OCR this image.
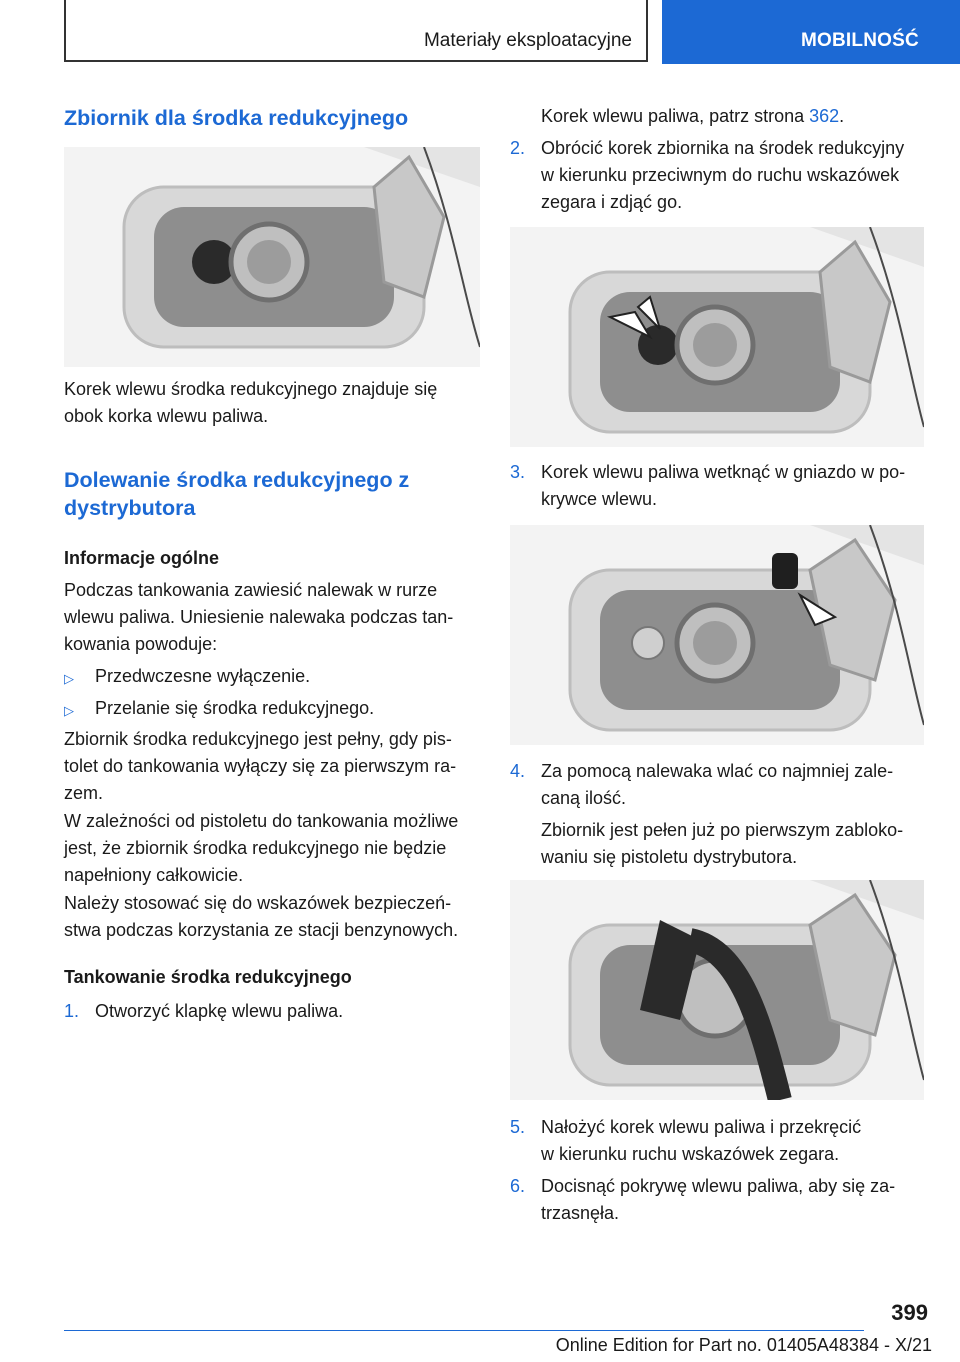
Materiały eksploatacyjne	MOBILNOŚĆ
Zbiornik dla środka redukcyjnego

Korek wlewu środka redukcyjnego znajduje się

obok korka wlewu paliwa.

Dolewanie środka redukcyjnego z
dystrybutora
Informacje ogólne

Podczas tankowania zawiesić nalewak w rurze

wlewu paliwa. Uniesienie nalewaka podczas tan‐

kowania powoduje:

▷ Przedwczesne wyłączenie.
▷ Przelanie się środka redukcyjnego.

Zbiornik środka redukcyjnego jest pełny, gdy pis‐

tolet do tankowania wyłączy się za pierwszym ra‐

zem.

W zależności od pistoletu do tankowania możliwe

jest, że zbiornik środka redukcyjnego nie będzie

napełniony całkowicie.

Należy stosować się do wskazówek bezpieczeń‐

stwa podczas korzystania ze stacji benzynowych.

Tankowanie środka redukcyjnego
1. Otworzyć klapkę wlewu paliwa.

Korek wlewu paliwa, patrz strona 362.

2. Obrócić korek zbiornika na środek redukcyjny

w kierunku przeciwnym do ruchu wskazówek

zegara i zdjąć go.

3. Korek wlewu paliwa wetknąć w gniazdo w po‐

krywce wlewu.

4. Za pomocą nalewaka wlać co najmniej zale‐

caną ilość.

Zbiornik jest pełen już po pierwszym zabloko‐

waniu się pistoletu dystrybutora.

5. Nałożyć korek wlewu paliwa i przekręcić

w kierunku ruchu wskazówek zegara.

6. Docisnąć pokrywę wlewu paliwa, aby się za‐

trzasnęła.

399
Online Edition for Part no. 01405A48384 - X/21
